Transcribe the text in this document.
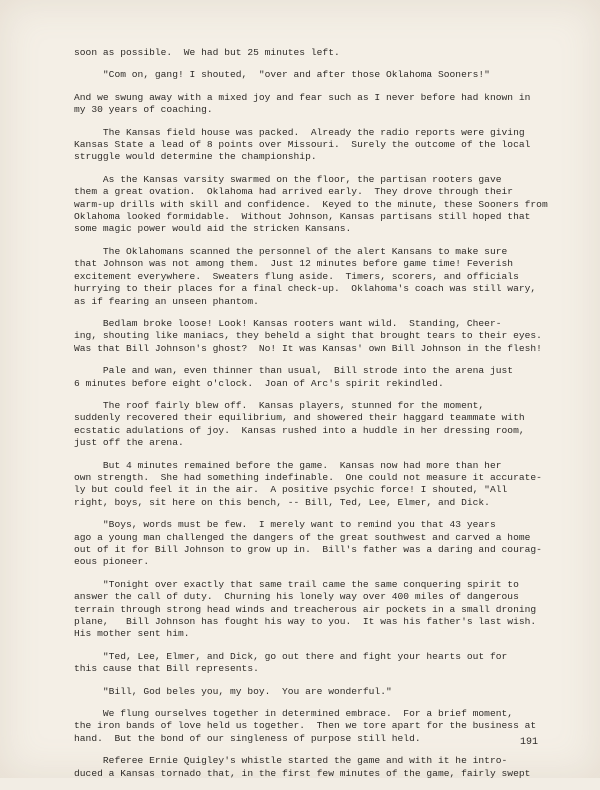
soon as possible.  We had but 25 minutes left.
"Com on, gang! I shouted,  "over and after those Oklahoma Sooners!"
And we swung away with a mixed joy and fear such as I never before had known in
my 30 years of coaching.
The Kansas field house was packed.  Already the radio reports were giving
Kansas State a lead of 8 points over Missouri.  Surely the outcome of the local
struggle would determine the championship.
As the Kansas varsity swarmed on the floor, the partisan rooters gave
them a great ovation.  Oklahoma had arrived early.  They drove through their
warm-up drills with skill and confidence.  Keyed to the minute, these Sooners from
Oklahoma looked formidable.  Without Johnson, Kansas partisans still hoped that
some magic power would aid the stricken Kansans.
The Oklahomans scanned the personnel of the alert Kansans to make sure
that Johnson was not among them.  Just 12 minutes before game time! Feverish
excitement everywhere.  Sweaters flung aside.  Timers, scorers, and officials
hurrying to their places for a final check-up.  Oklahoma's coach was still wary,
as if fearing an unseen phantom.
Bedlam broke loose! Look! Kansas rooters want wild.  Standing, Cheer-
ing, shouting like maniacs, they beheld a sight that brought tears to their eyes.
Was that Bill Johnson's ghost?  No! It was Kansas' own Bill Johnson in the flesh!
Pale and wan, even thinner than usual,  Bill strode into the arena just
6 minutes before eight o'clock.  Joan of Arc's spirit rekindled.
The roof fairly blew off.  Kansas players, stunned for the moment,
suddenly recovered their equilibrium, and showered their haggard teammate with
ecstatic adulations of joy.  Kansas rushed into a huddle in her dressing room,
just off the arena.
But 4 minutes remained before the game.  Kansas now had more than her
own strength.  She had something indefinable.  One could not measure it accurate-
ly but could feel it in the air.  A positive psychic force! I shouted, "All
right, boys, sit here on this bench, -- Bill, Ted, Lee, Elmer, and Dick.
"Boys, words must be few.  I merely want to remind you that 43 years
ago a young man challenged the dangers of the great southwest and carved a home
out of it for Bill Johnson to grow up in.  Bill's father was a daring and courag-
eous pioneer.
"Tonight over exactly that same trail came the same conquering spirit to
answer the call of duty.  Churning his lonely way over 400 miles of dangerous
terrain through strong head winds and treacherous air pockets in a small droning
plane,   Bill Johnson has fought his way to you.  It was his father's last wish.
His mother sent him.
"Ted, Lee, Elmer, and Dick, go out there and fight your hearts out for
this cause that Bill represents.
"Bill, God beles you, my boy.  You are wonderful."
We flung ourselves together in determined embrace.  For a brief moment,
the iron bands of love held us together.  Then we tore apart for the business at
hand.  But the bond of our singleness of purpose still held.
Referee Ernie Quigley's whistle started the game and with it he intro-
duced a Kansas tornado that, in the first few minutes of the game, fairly swept
191
